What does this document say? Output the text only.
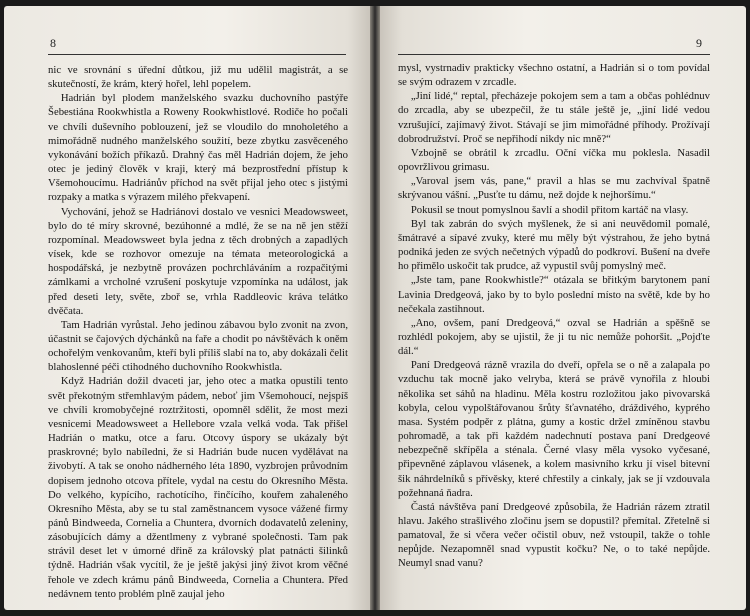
8

nic ve srovnání s úřední důtkou, již mu udělil magistrát, a se skutečností, že krám, který hořel, lehl popelem.

Hadrián byl plodem manželského svazku duchovního pastýře Šebestiána Rookwhistla a Roweny Rookwhistlové. Rodiče ho počali ve chvíli duševního poblouzení, jež se vloudilo do mnoholetého a mimořádně nudného manželského soužití, beze zbytku zasvěceného vykonávání božích příkazů. Drahný čas měl Hadrián dojem, že jeho otec je jediný člověk v kraji, který má bezprostřední přístup k Všemohoucímu. Hadriánův příchod na svět přijal jeho otec s jistými rozpaky a matka s výrazem milého překvapení.

Vychování, jehož se Hadriánovi dostalo ve vesnici Meadowsweet, bylo do té míry skrovné, bezúhonné a mdlé, že se na ně jen stěží rozpomínal. Meadowsweet byla jedna z těch drobných a zapadlých vísek, kde se rozhovor omezuje na témata meteorologická a hospodářská, je nezbytně provázen pochrchláváním a rozpačitými zámlkami a vrcholné vzrušení poskytuje vzpomínka na událost, jak před deseti lety, světe, zboř se, vrhla Raddleovic kráva telátko dvěčata.

Tam Hadrián vyrůstal. Jeho jedinou zábavou bylo zvonit na zvon, účastnit se čajových dýchánků na faře a chodit po návštěvách k oněm ochořelým venkovanům, kteří byli příliš slabí na to, aby dokázali čelit blahoslenné péči ctihodného duchovního Rookwhistla.

Když Hadrián dožil dvaceti jar, jeho otec a matka opustili tento svět překotným střemhlavým pádem, neboť jim Všemohoucí, nejspíš ve chvíli kromobyčejné roztržitosti, opomněl sdělit, že most mezi vesnicemi Meadowsweet a Hellebore vzala velká voda. Tak přišel Hadrián o matku, otce a faru. Otcovy úspory se ukázaly být praskrovné; bylo nabíledni, že si Hadrián bude nucen vydělávat na živobytí. A tak se onoho nádherného léta 1890, vyzbrojen průvodním dopisem jednoho otcova přítele, vydal na cestu do Okresního Města. Do velkého, kypícího, rachotícího, řinčícího, kouřem zahaleného Okresního Města, aby se tu stal zaměstnancem vysoce vážené firmy pánů Bindweeda, Cornelia a Chuntera, dvorních dodavatelů zeleniny, zásobujících dámy a džentlmeny z vybrané společnosti. Tam pak strávil deset let v úmorné dřině za královský plat patnácti šilinků týdně. Hadrián však vycítil, že je ještě jakýsi jiný život krom věčné řehole ve zdech krámu pánů Bindweeda, Cornelia a Chuntera. Před nedávnem tento problém plně zaujal jeho

9

mysl, vystrnadiv prakticky všechno ostatní, a Hadrián si o tom povídal se svým odrazem v zrcadle.

„Jiní lidé,“ reptal, přecházeje pokojem sem a tam a občas pohlédnuv do zrcadla, aby se ubezpečil, že tu stále ještě je, „jiní lidé vedou vzrušující, zajímavý život. Stávají se jim mimořádné příhody. Prožívají dobrodružství. Proč se nepřihodí nikdy nic mně?“

Vzbojně se obrátil k zrcadlu. Oční víčka mu poklesla. Nasadil opovržlivou grimasu.

„Varoval jsem vás, pane,“ pravil a hlas se mu zachvíval špatně skrývanou vášní. „Pusťte tu dámu, než dojde k nejhoršímu.“

Pokusil se tnout pomyslnou šavlí a shodil přitom kartáč na vlasy.

Byl tak zabrán do svých myšlenek, že si ani neuvědomil pomalé, šmátravé a sípavé zvuky, které mu měly být výstrahou, že jeho bytná podniká jeden ze svých nečetných výpadů do podkroví. Bušení na dveře ho přimělo uskočit tak prudce, až vypustil svůj pomyslný meč.

„Jste tam, pane Rookwhistle?“ otázala se břitkým barytonem paní Lavinia Dredgeová, jako by to bylo poslední místo na světě, kde by ho nečekala zastihnout.

„Ano, ovšem, paní Dredgeová,“ ozval se Hadrián a spěšně se rozhlédl pokojem, aby se ujistil, že ji tu nic nemůže pohoršit. „Pojďte dál.“

Paní Dredgeová rázně vrazila do dveří, opřela se o ně a zalapala po vzduchu tak mocně jako velryba, která se právě vynořila z hloubi několika set sáhů na hladinu. Měla kostru rozložitou jako pivovarská kobyla, celou vypolštářovanou šrůty šťavnatého, dráždivého, kyprého masa. Systém podpěr z plátna, gumy a kostic držel zmíněnou stavbu pohromadě, a tak při každém nadechnutí postava paní Dredgeové nebezpečně skřípěla a sténala. Černé vlasy měla vysoko vyčesané, připevněné záplavou vlásenek, a kolem masivního krku jí visel bitevní šik náhrdelníků s přívěsky, které chřestily a cinkaly, jak se jí vzdouvala požehnaná ňadra.

Častá návštěva paní Dredgeové způsobila, že Hadrián rázem ztratil hlavu. Jakého strašlivého zločinu jsem se dopustil? přemítal. Zřetelně si pamatoval, že si včera večer očistil obuv, než vstoupil, takže o tohle nepůjde. Nezapomněl snad vypustit kočku? Ne, o to také nepůjde. Neumyl snad vanu?
